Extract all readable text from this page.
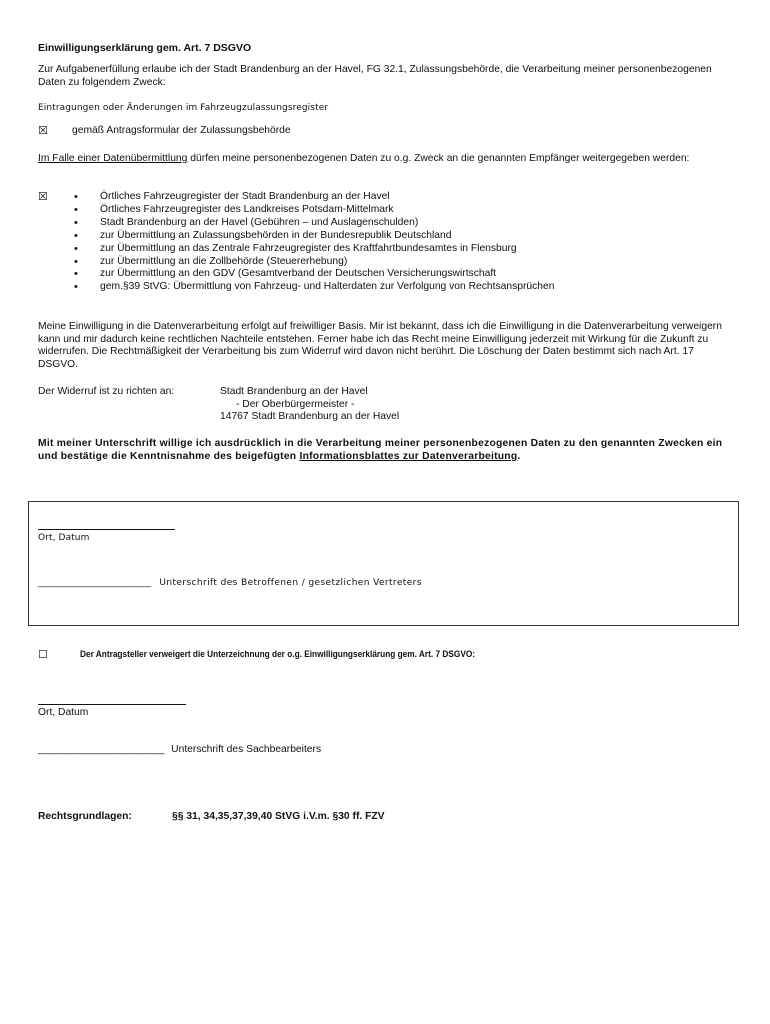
Einwilligungserklärung gem. Art. 7 DSGVO
Zur Aufgabenerfüllung erlaube ich der Stadt Brandenburg an der Havel, FG 32.1, Zulassungsbehörde, die Verarbeitung meiner personenbezogenen Daten zu folgendem Zweck:
Eintragungen oder Änderungen im Fahrzeugzulassungsregister
☒ gemäß Antragsformular der Zulassungsbehörde
Im Falle einer Datenübermittlung dürfen meine personenbezogenen Daten zu o.g. Zweck an die genannten Empfänger weitergegeben werden:
☒
•	Örtliches Fahrzeugregister der Stadt Brandenburg an der Havel
• Örtliches Fahrzeugregister des Landkreises Potsdam-Mittelmark
• Stadt Brandenburg an der Havel (Gebühren – und Auslagenschulden)
• zur Übermittlung an Zulassungsbehörden in der Bundesrepublik Deutschland
• zur Übermittlung an das Zentrale Fahrzeugregister des Kraftfahrtbundesamtes in Flensburg
• zur Übermittlung an die Zollbehörde (Steuererhebung)
• zur Übermittlung an den GDV (Gesamtverband der Deutschen Versicherungswirtschaft
• gem.§39 StVG: Übermittlung von Fahrzeug- und Halterdaten zur Verfolgung von Rechtsansprüchen
Meine Einwilligung in die Datenverarbeitung erfolgt auf freiwilliger Basis. Mir ist bekannt, dass ich die Einwilligung in die Datenverarbeitung verweigern kann und mir dadurch keine rechtlichen Nachteile entstehen. Ferner habe ich das Recht meine Einwilligung jederzeit mit Wirkung für die Zukunft zu widerrufen. Die Rechtmäßigkeit der Verarbeitung bis zum Widerruf wird davon nicht berührt. Die Löschung der Daten bestimmt sich nach Art. 17 DSGVO.
Der Widerruf ist zu richten an:	Stadt Brandenburg an der Havel
- Der Oberbürgermeister -
14767 Stadt Brandenburg an der Havel
Mit meiner Unterschrift willige ich ausdrücklich in die Verarbeitung meiner personenbezogenen Daten zu den genannten Zwecken ein und bestätige die Kenntnisnahme des beigefügten Informationsblattes zur Datenverarbeitung.
Ort, Datum
________________________ Unterschrift des Betroffenen / gesetzlichen Vertreters
☐	Der Antragsteller verweigert die Unterzeichnung der o.g. Einwilligungserklärung gem. Art. 7 DSGVO:
Ort, Datum
________________________ Unterschrift des Sachbearbeiters
Rechtsgrundlagen:	§§ 31, 34,35,37,39,40 StVG i.V.m. §30 ff. FZV
